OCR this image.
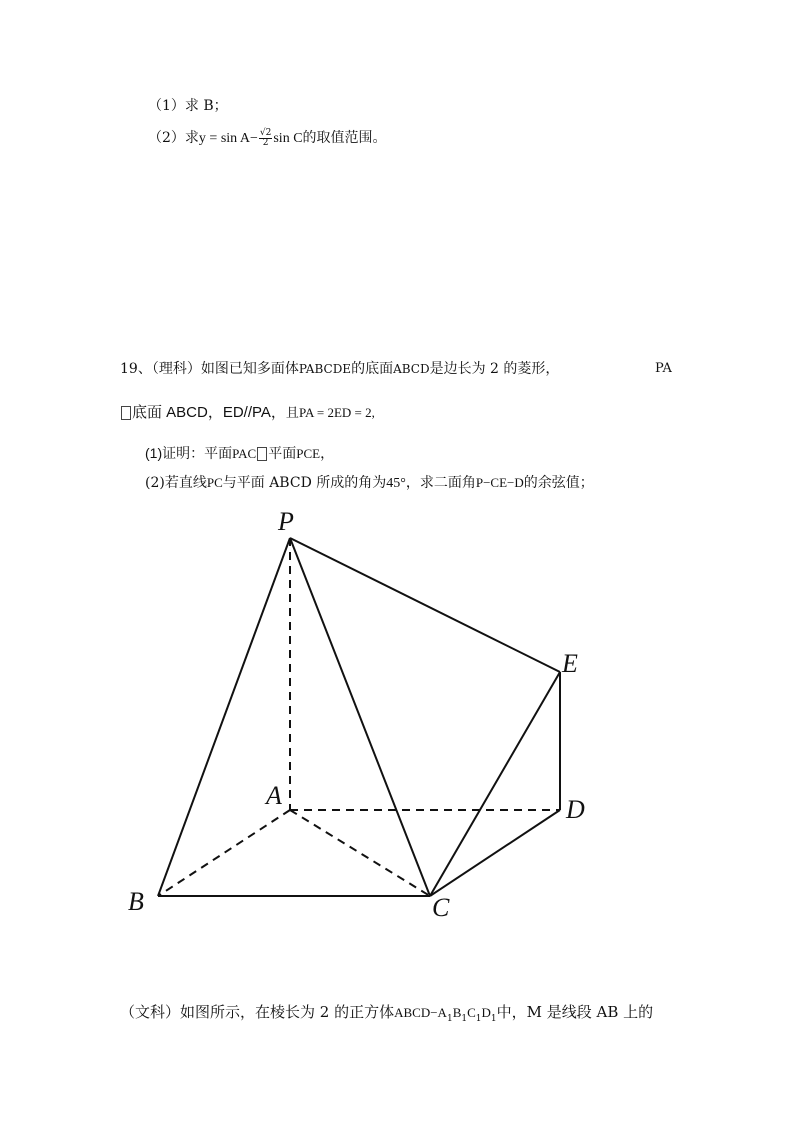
（1）求 B；
（2）求$y = \sin A- \frac{√2}{2}$ sin C的取值范围。
19、（理科）如图已知多面体PABCDE的底面ABCD是边长为 2 的菱形，	PA
底面 ABCD，ED//PA，且PA = 2ED = 2,
(1)证明：平面PAC 平面PCE，
(2)若直线PC与平面 ABCD 所成的角为45°，求二面角P−CE−D的余弦值；
P
E
A	D
B	C
（文科）如图所示，在棱长为 2 的正方体$ABCD-A_1B_1C_1D_1$中，M 是线段 AB 上的
